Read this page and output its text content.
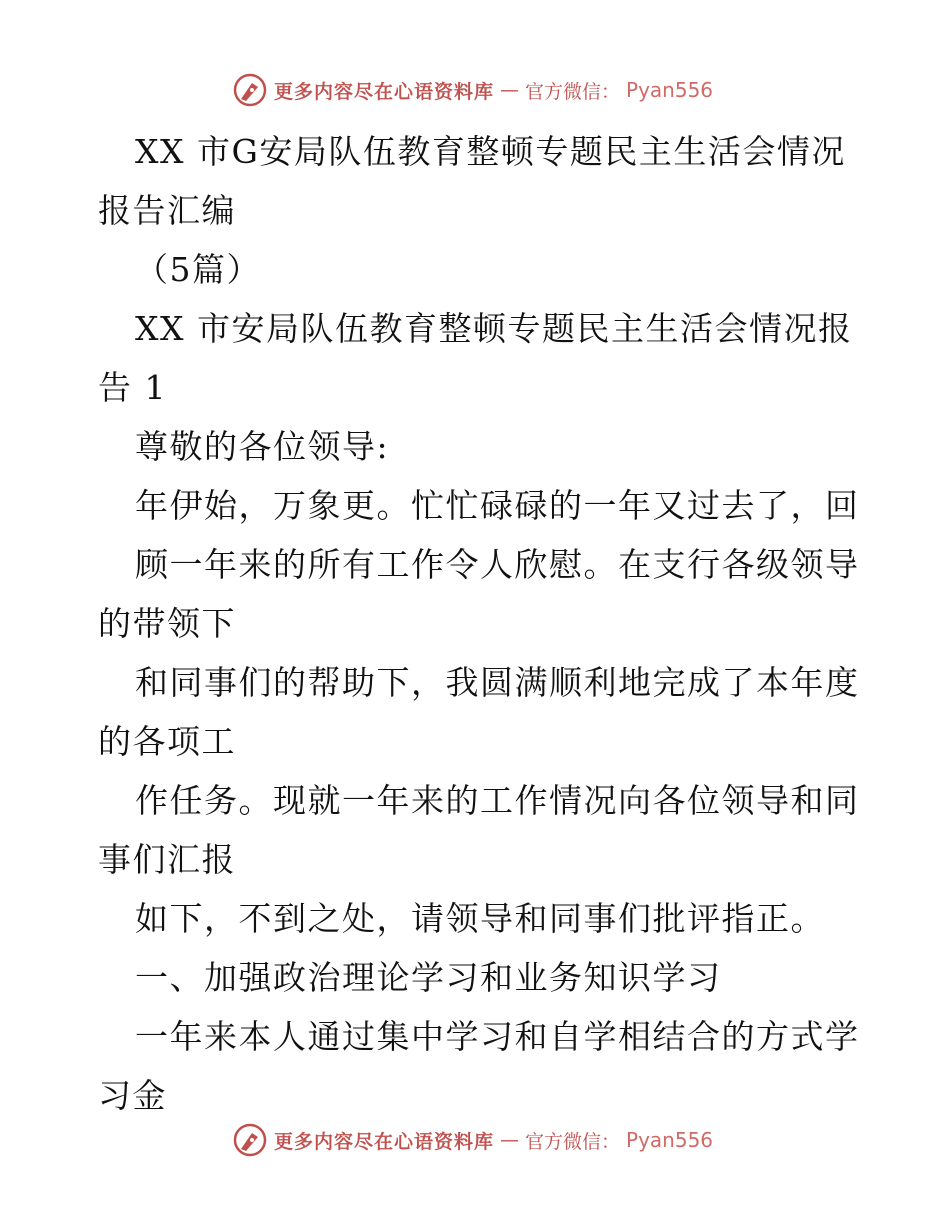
更多内容尽在心语资料库 — 官方微信： Pyan556
XX 市G安局队伍教育整顿专题民主生活会情况
报告汇编
（5篇）
XX 市安局队伍教育整顿专题民主生活会情况报
告 1
尊敬的各位领导:
年伊始，万象更。忙忙碌碌的一年又过去了，回
顾一年来的所有工作令人欣慰。在支行各级领导
的带领下
和同事们的帮助下，我圆满顺利地完成了本年度
的各项工
作任务。现就一年来的工作情况向各位领导和同
事们汇报
如下，不到之处，请领导和同事们批评指正。
一、加强政治理论学习和业务知识学习
一年来本人通过集中学习和自学相结合的方式学
习金
更多内容尽在心语资料库 — 官方微信： Pyan556
